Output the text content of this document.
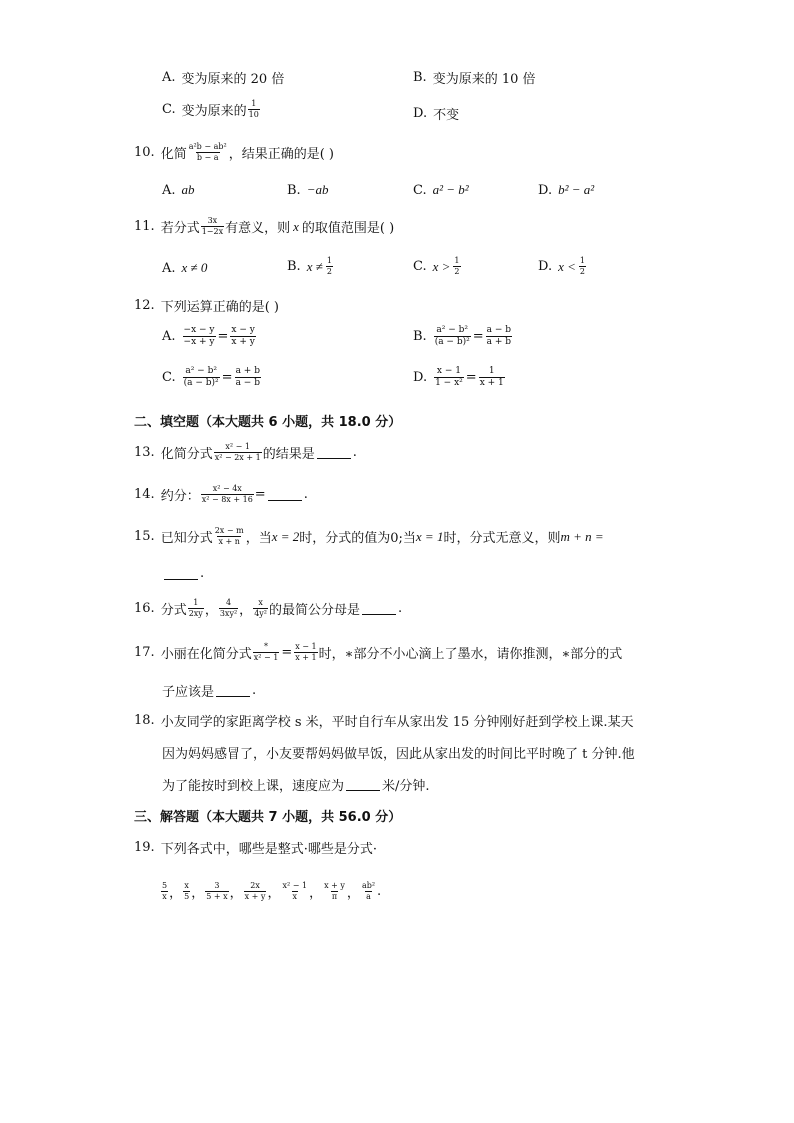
A. 变为原来的 20 倍	B. 变为原来的 10 倍
C. 变为原来的 $\frac{1}{10}$	D. 不变
10. 化简 $\frac{\text{a²b − ab²}}{b - a}$ ，结果正确的是( )
A. ab	B. −ab	C. a² − b²	D. b² − a²
11. 若分式 $\frac{3x}{1-2x}$ 有意义，则 x 的取值范围是( )
A. x ≠ 0	B. $x \ne \frac{1}{2}$	C. $x > \frac{1}{2}$	D. $x < \frac{1}{2}$
12. 下列运算正确的是( )
A. $\frac{-x - y}{-x + y} = \frac{x - y}{x + y}$	B. $\frac{\text{a² − b²}}{\text{(a − b)²}} = \frac{a - b}{a + b}$
C. $\frac{\text{a² − b²}}{\text{(a − b)²}} = \frac{a + b}{a - b}$	D. $\frac{x - 1}{\text{1 − x²}} = \frac{1}{x + 1}$
二、填空题（本大题共 6 小题，共 18.0 分）
13. 化简分式 $\frac{\text{x² − 1}}{\text{x² − 2x + 1}}$ 的结果是	.
14. 约分： $\frac{\text{x² − 4x}}{\text{x² − 8x + 16}}$ =	.
15. 已知分式 $\frac{2x - m}{x + n}$ ，当 x = 2 时，分式的值为0;当 x = 1 时，分式无意义，则 m + n =
.
16. 分式 $\frac{1}{2xy}$ ， $\frac{4}{\text{3xy²}}$ ， $\frac{x}{\text{4y²}}$ 的最简公分母是	.
17. 小丽在化简分式 $\frac{*}{\text{x² − 1}} = \frac{x - 1}{x + 1}$ 时，∗部分不小心滴上了墨水，请你推测，∗部分的式
子应该是	.
18. 小友同学的家距离学校 s 米，平时自行车从家出发 15 分钟刚好赶到学校上课.某天
因为妈妈感冒了，小友要帮妈妈做早饭，因此从家出发的时间比平时晚了 t 分钟.他
为了能按时到校上课，速度应为	米/分钟.
三、解答题（本大题共 7 小题，共 56.0 分）
19. 下列各式中，哪些是整式·哪些是分式·
$\frac{5}{x}$ ， $\frac{x}{5}$ ， $\frac{3}{5 + x}$ ， $\frac{2x}{x + y}$ ， $\frac{\text{x² − 1}}{x}$ ， $\frac{x + y}{\pi}$ ， $\frac{\text{ab²}}{a}$ .
